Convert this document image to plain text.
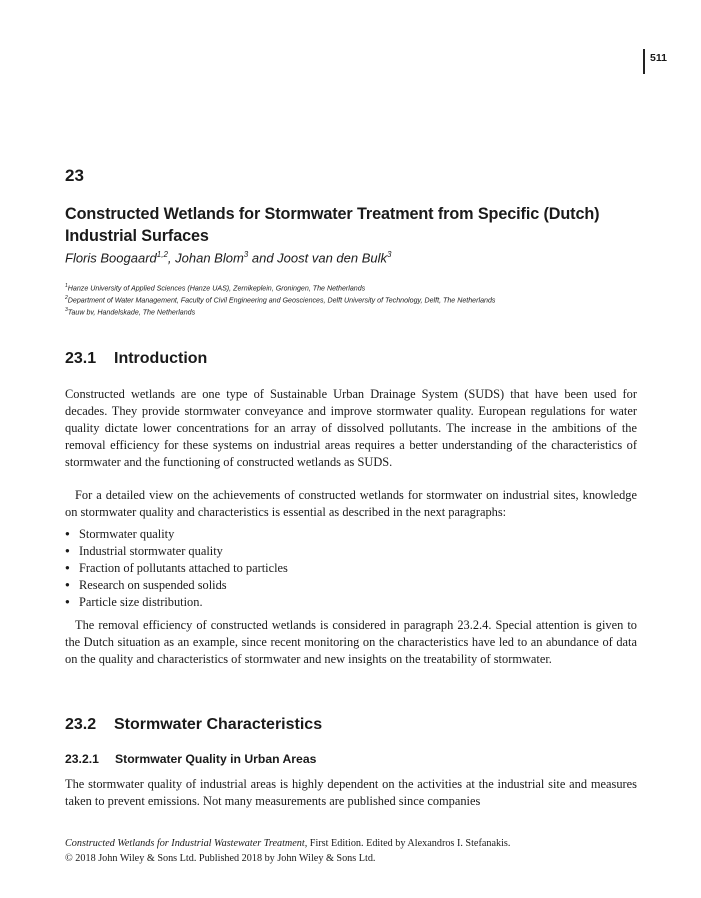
511
23
Constructed Wetlands for Stormwater Treatment from Specific (Dutch) Industrial Surfaces
Floris Boogaard$^{1,2}$, Johan Blom$^3$ and Joost van den Bulk$^3$
$^1$Hanze University of Applied Sciences (Hanze UAS), Zernikeplein, Groningen, The Netherlands
$^2$Department of Water Management, Faculty of Civil Engineering and Geosciences, Delft University of Technology, Delft, The Netherlands
$^3$Tauw bv, Handelskade, The Netherlands
23.1 Introduction
Constructed wetlands are one type of Sustainable Urban Drainage System (SUDS) that have been used for decades. They provide stormwater conveyance and improve stormwater quality. European regulations for water quality dictate lower concentrations for an array of dissolved pollutants. The increase in the ambitions of the removal efficiency for these systems on industrial areas requires a better understanding of the characteristics of stormwater and the functioning of constructed wetlands as SUDS.
For a detailed view on the achievements of constructed wetlands for stormwater on industrial sites, knowledge on stormwater quality and characteristics is essential as described in the next paragraphs:
● Stormwater quality
● Industrial stormwater quality
● Fraction of pollutants attached to particles
● Research on suspended solids
● Particle size distribution.
The removal efficiency of constructed wetlands is considered in paragraph 23.2.4. Special attention is given to the Dutch situation as an example, since recent monitoring on the characteristics have led to an abundance of data on the quality and characteristics of stormwater and new insights on the treatability of stormwater.
23.2 Stormwater Characteristics
23.2.1 Stormwater Quality in Urban Areas
The stormwater quality of industrial areas is highly dependent on the activities at the industrial site and measures taken to prevent emissions. Not many measurements are published since companies
Constructed Wetlands for Industrial Wastewater Treatment, First Edition. Edited by Alexandros I. Stefanakis.
© 2018 John Wiley & Sons Ltd. Published 2018 by John Wiley & Sons Ltd.
